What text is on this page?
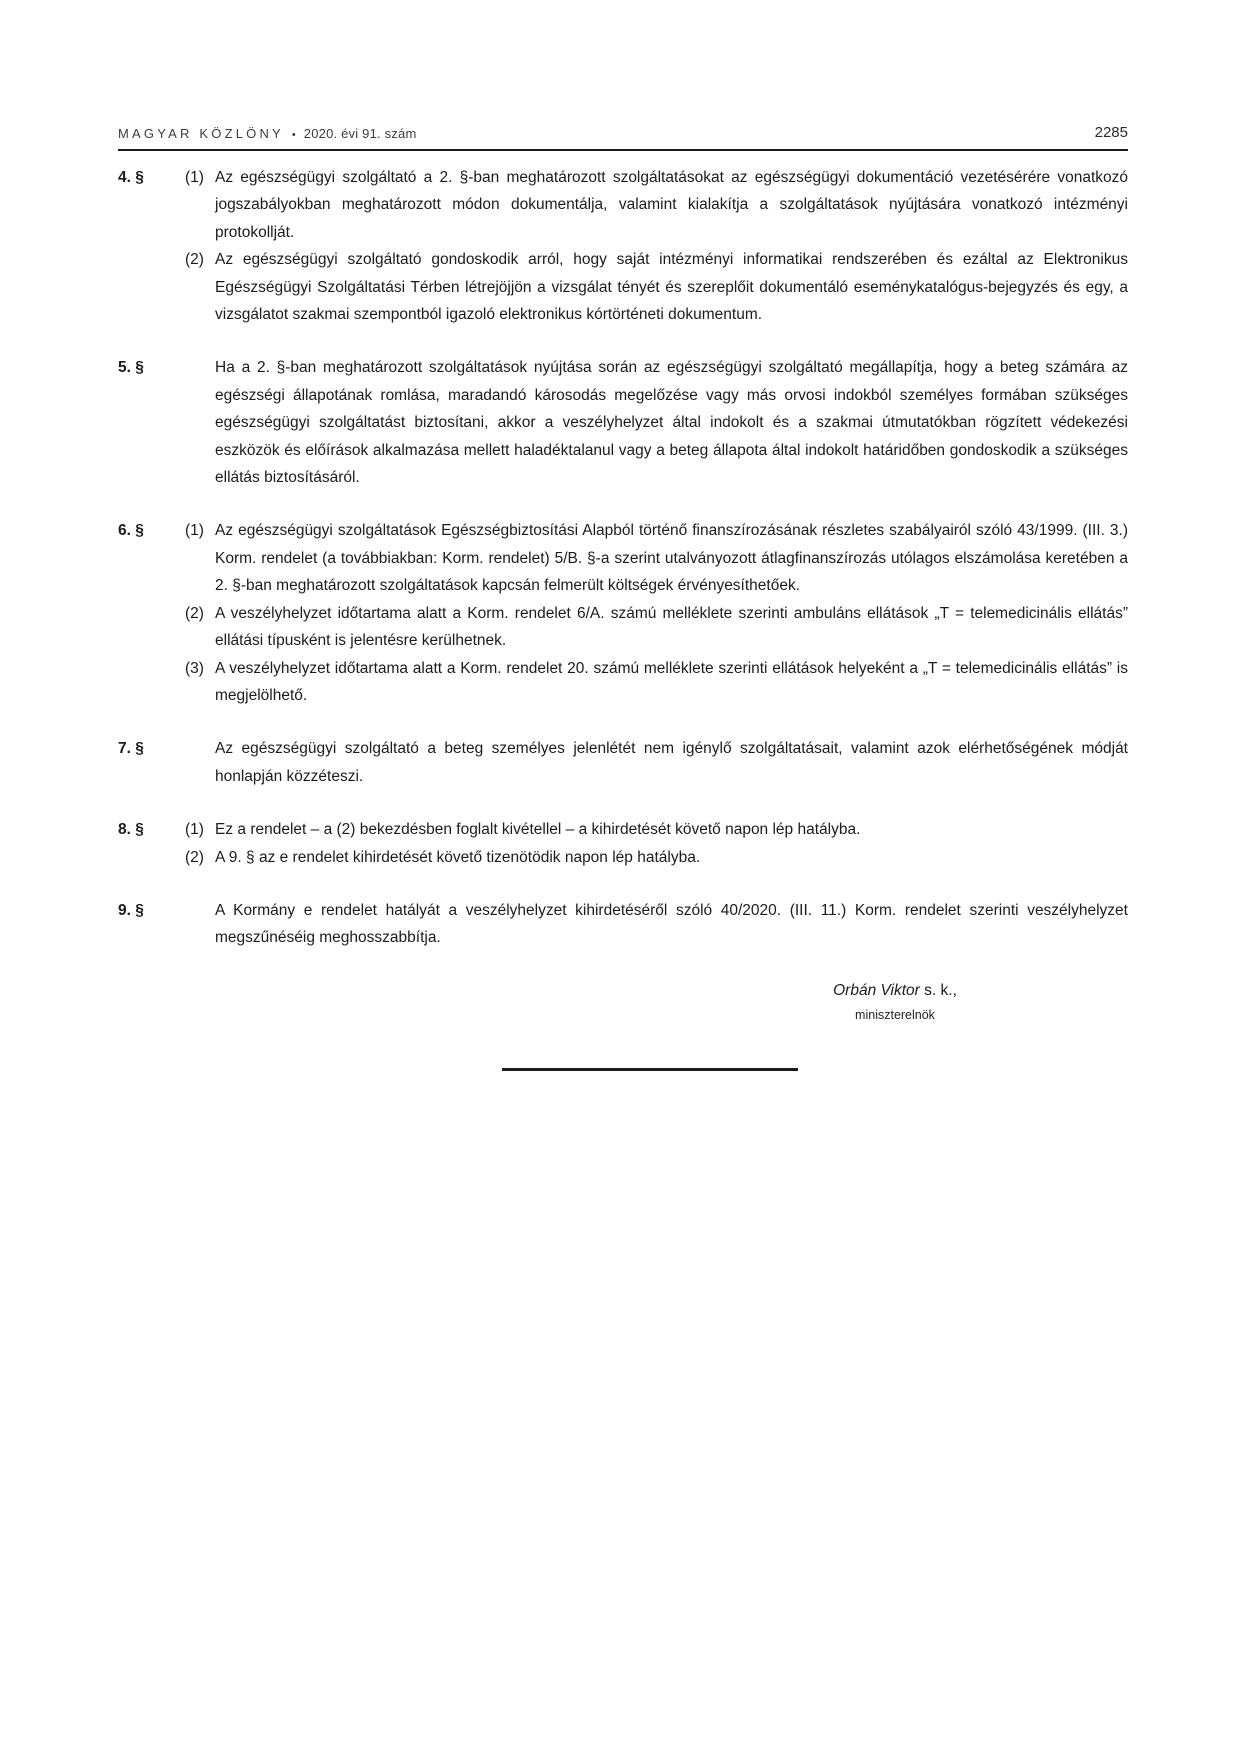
MAGYAR KÖZLÖNY • 2020. évi 91. szám	2285
4. §	(1) Az egészségügyi szolgáltató a 2. §-ban meghatározott szolgáltatásokat az egészségügyi dokumentáció vezetésérére vonatkozó jogszabályokban meghatározott módon dokumentálja, valamint kialakítja a szolgáltatások nyújtására vonatkozó intézményi protokollját.
(2) Az egészségügyi szolgáltató gondoskodik arról, hogy saját intézményi informatikai rendszerében és ezáltal az Elektronikus Egészségügyi Szolgáltatási Térben létrejöjjön a vizsgálat tényét és szereplőit dokumentáló eseménykatalógus-bejegyzés és egy, a vizsgálatot szakmai szempontból igazoló elektronikus kórtörténeti dokumentum.
5. §	Ha a 2. §-ban meghatározott szolgáltatások nyújtása során az egészségügyi szolgáltató megállapítja, hogy a beteg számára az egészségi állapotának romlása, maradandó károsodás megelőzése vagy más orvosi indokból személyes formában szükséges egészségügyi szolgáltatást biztosítani, akkor a veszélyhelyzet által indokolt és a szakmai útmutatókban rögzített védekezési eszközök és előírások alkalmazása mellett haladéktalanul vagy a beteg állapota által indokolt határidőben gondoskodik a szükséges ellátás biztosításáról.
6. §	(1) Az egészségügyi szolgáltatások Egészségbiztosítási Alapból történő finanszírozásának részletes szabályairól szóló 43/1999. (III. 3.) Korm. rendelet (a továbbiakban: Korm. rendelet) 5/B. §-a szerint utalványozott átlagfinanszírozás utólagos elszámolása keretében a 2. §-ban meghatározott szolgáltatások kapcsán felmerült költségek érvényesíthetőek.
(2) A veszélyhelyzet időtartama alatt a Korm. rendelet 6/A. számú melléklete szerinti ambuláns ellátások „T = telemedicinális ellátás” ellátási típusként is jelentésre kerülhetnek.
(3) A veszélyhelyzet időtartama alatt a Korm. rendelet 20. számú melléklete szerinti ellátások helyeként a „T = telemedicinális ellátás” is megjelölhető.
7. §	Az egészségügyi szolgáltató a beteg személyes jelenlétét nem igénylő szolgáltatásait, valamint azok elérhetőségének módját honlapján közzéteszi.
8. §	(1) Ez a rendelet – a (2) bekezdésben foglalt kivétellel – a kihirdetését követő napon lép hatályba.
(2) A 9. § az e rendelet kihirdetését követő tizenötödik napon lép hatályba.
9. §	A Kormány e rendelet hatályát a veszélyhelyzet kihirdetéséről szóló 40/2020. (III. 11.) Korm. rendelet szerinti veszélyhelyzet megszűnéséig meghosszabbítja.
Orbán Viktor s. k.,
miniszterelnök
